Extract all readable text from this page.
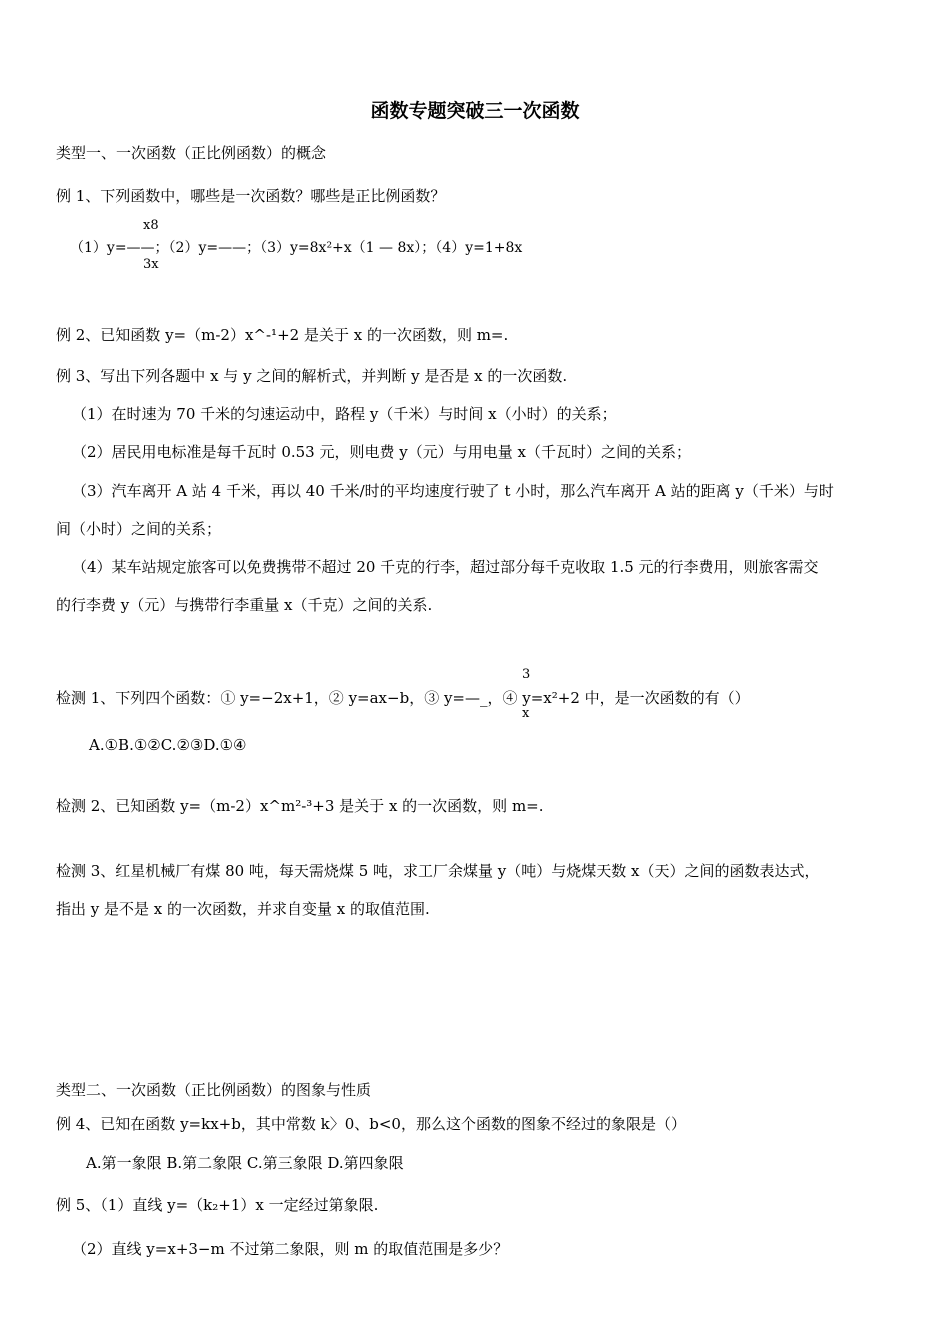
函数专题突破三一次函数
类型一、一次函数（正比例函数）的概念
例 1、下列函数中，哪些是一次函数？哪些是正比例函数？
x8
（1）y=——；（2）y=——；（3）y=8x²+x（1 — 8x）；（4）y=1+8x
3x
例 2、已知函数 y=（m-2）x^-¹+2 是关于 x 的一次函数，则 m=.
例 3、写出下列各题中 x 与 y 之间的解析式，并判断 y 是否是 x 的一次函数.
（1）在时速为 70 千米的匀速运动中，路程 y（千米）与时间 x（小时）的关系；
（2）居民用电标准是每千瓦时 0.53 元，则电费 y（元）与用电量 x（千瓦时）之间的关系；
（3）汽车离开 A 站 4 千米，再以 40 千米/时的平均速度行驶了 t 小时，那么汽车离开 A 站的距离 y（千米）与时
间（小时）之间的关系；
（4）某车站规定旅客可以免费携带不超过 20 千克的行李，超过部分每千克收取 1.5 元的行李费用，则旅客需交
的行李费 y（元）与携带行李重量 x（千克）之间的关系.
3
检测 1、下列四个函数：① y=−2x+1，② y=ax−b，③ y=—_，④ y=x²+2 中，是一次函数的有（）
x
A.①B.①②C.②③D.①④
检测 2、已知函数 y=（m-2）x^m²-³+3 是关于 x 的一次函数，则 m=.
检测 3、红星机械厂有煤 80 吨，每天需烧煤 5 吨，求工厂余煤量 y（吨）与烧煤天数 x（天）之间的函数表达式，
指出 y 是不是 x 的一次函数，并求自变量 x 的取值范围.
类型二、一次函数（正比例函数）的图象与性质
例 4、已知在函数 y=kx+b，其中常数 k〉0、b<0，那么这个函数的图象不经过的象限是（）
A.第一象限 B.第二象限 C.第三象限 D.第四象限
例 5、（1）直线 y=（k₂+1）x 一定经过第象限.
（2）直线 y=x+3−m 不过第二象限，则 m 的取值范围是多少？
